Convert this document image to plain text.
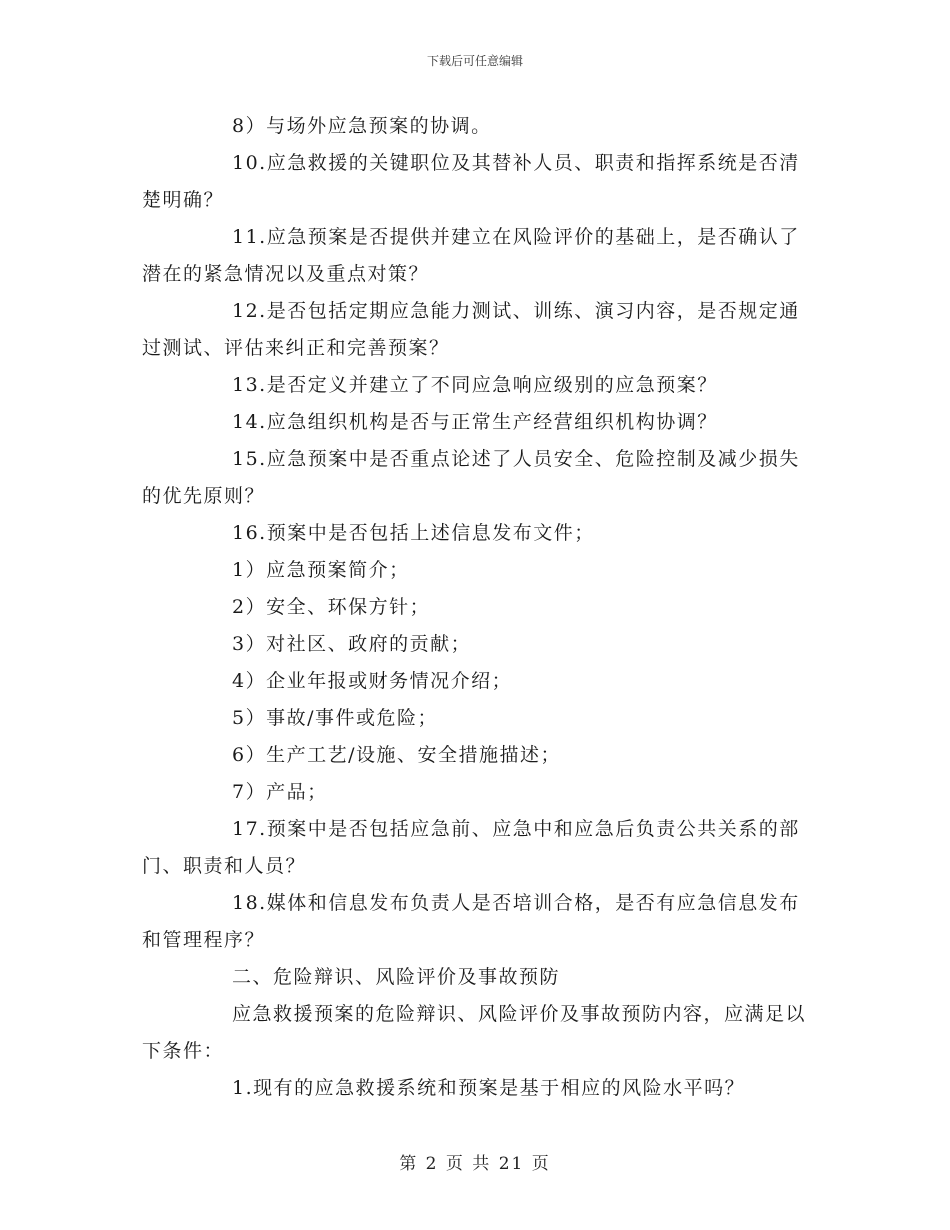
下载后可任意编辑

8）与场外应急预案的协调。

10.应急救援的关键职位及其替补人员、职责和指挥系统是否清楚明确？

11.应急预案是否提供并建立在风险评价的基础上，是否确认了潜在的紧急情况以及重点对策？

12.是否包括定期应急能力测试、训练、演习内容，是否规定通过测试、评估来纠正和完善预案？

13.是否定义并建立了不同应急响应级别的应急预案？

14.应急组织机构是否与正常生产经营组织机构协调？

15.应急预案中是否重点论述了人员安全、危险控制及减少损失的优先原则？

16.预案中是否包括上述信息发布文件；

1）应急预案简介；

2）安全、环保方针；

3）对社区、政府的贡献；

4）企业年报或财务情况介绍；

5）事故/事件或危险；

6）生产工艺/设施、安全措施描述；

7）产品；

17.预案中是否包括应急前、应急中和应急后负责公共关系的部门、职责和人员？

18.媒体和信息发布负责人是否培训合格，是否有应急信息发布和管理程序？

二、危险辩识、风险评价及事故预防

应急救援预案的危险辩识、风险评价及事故预防内容，应满足以下条件：

1.现有的应急救援系统和预案是基于相应的风险水平吗？

第 2 页 共 21 页
